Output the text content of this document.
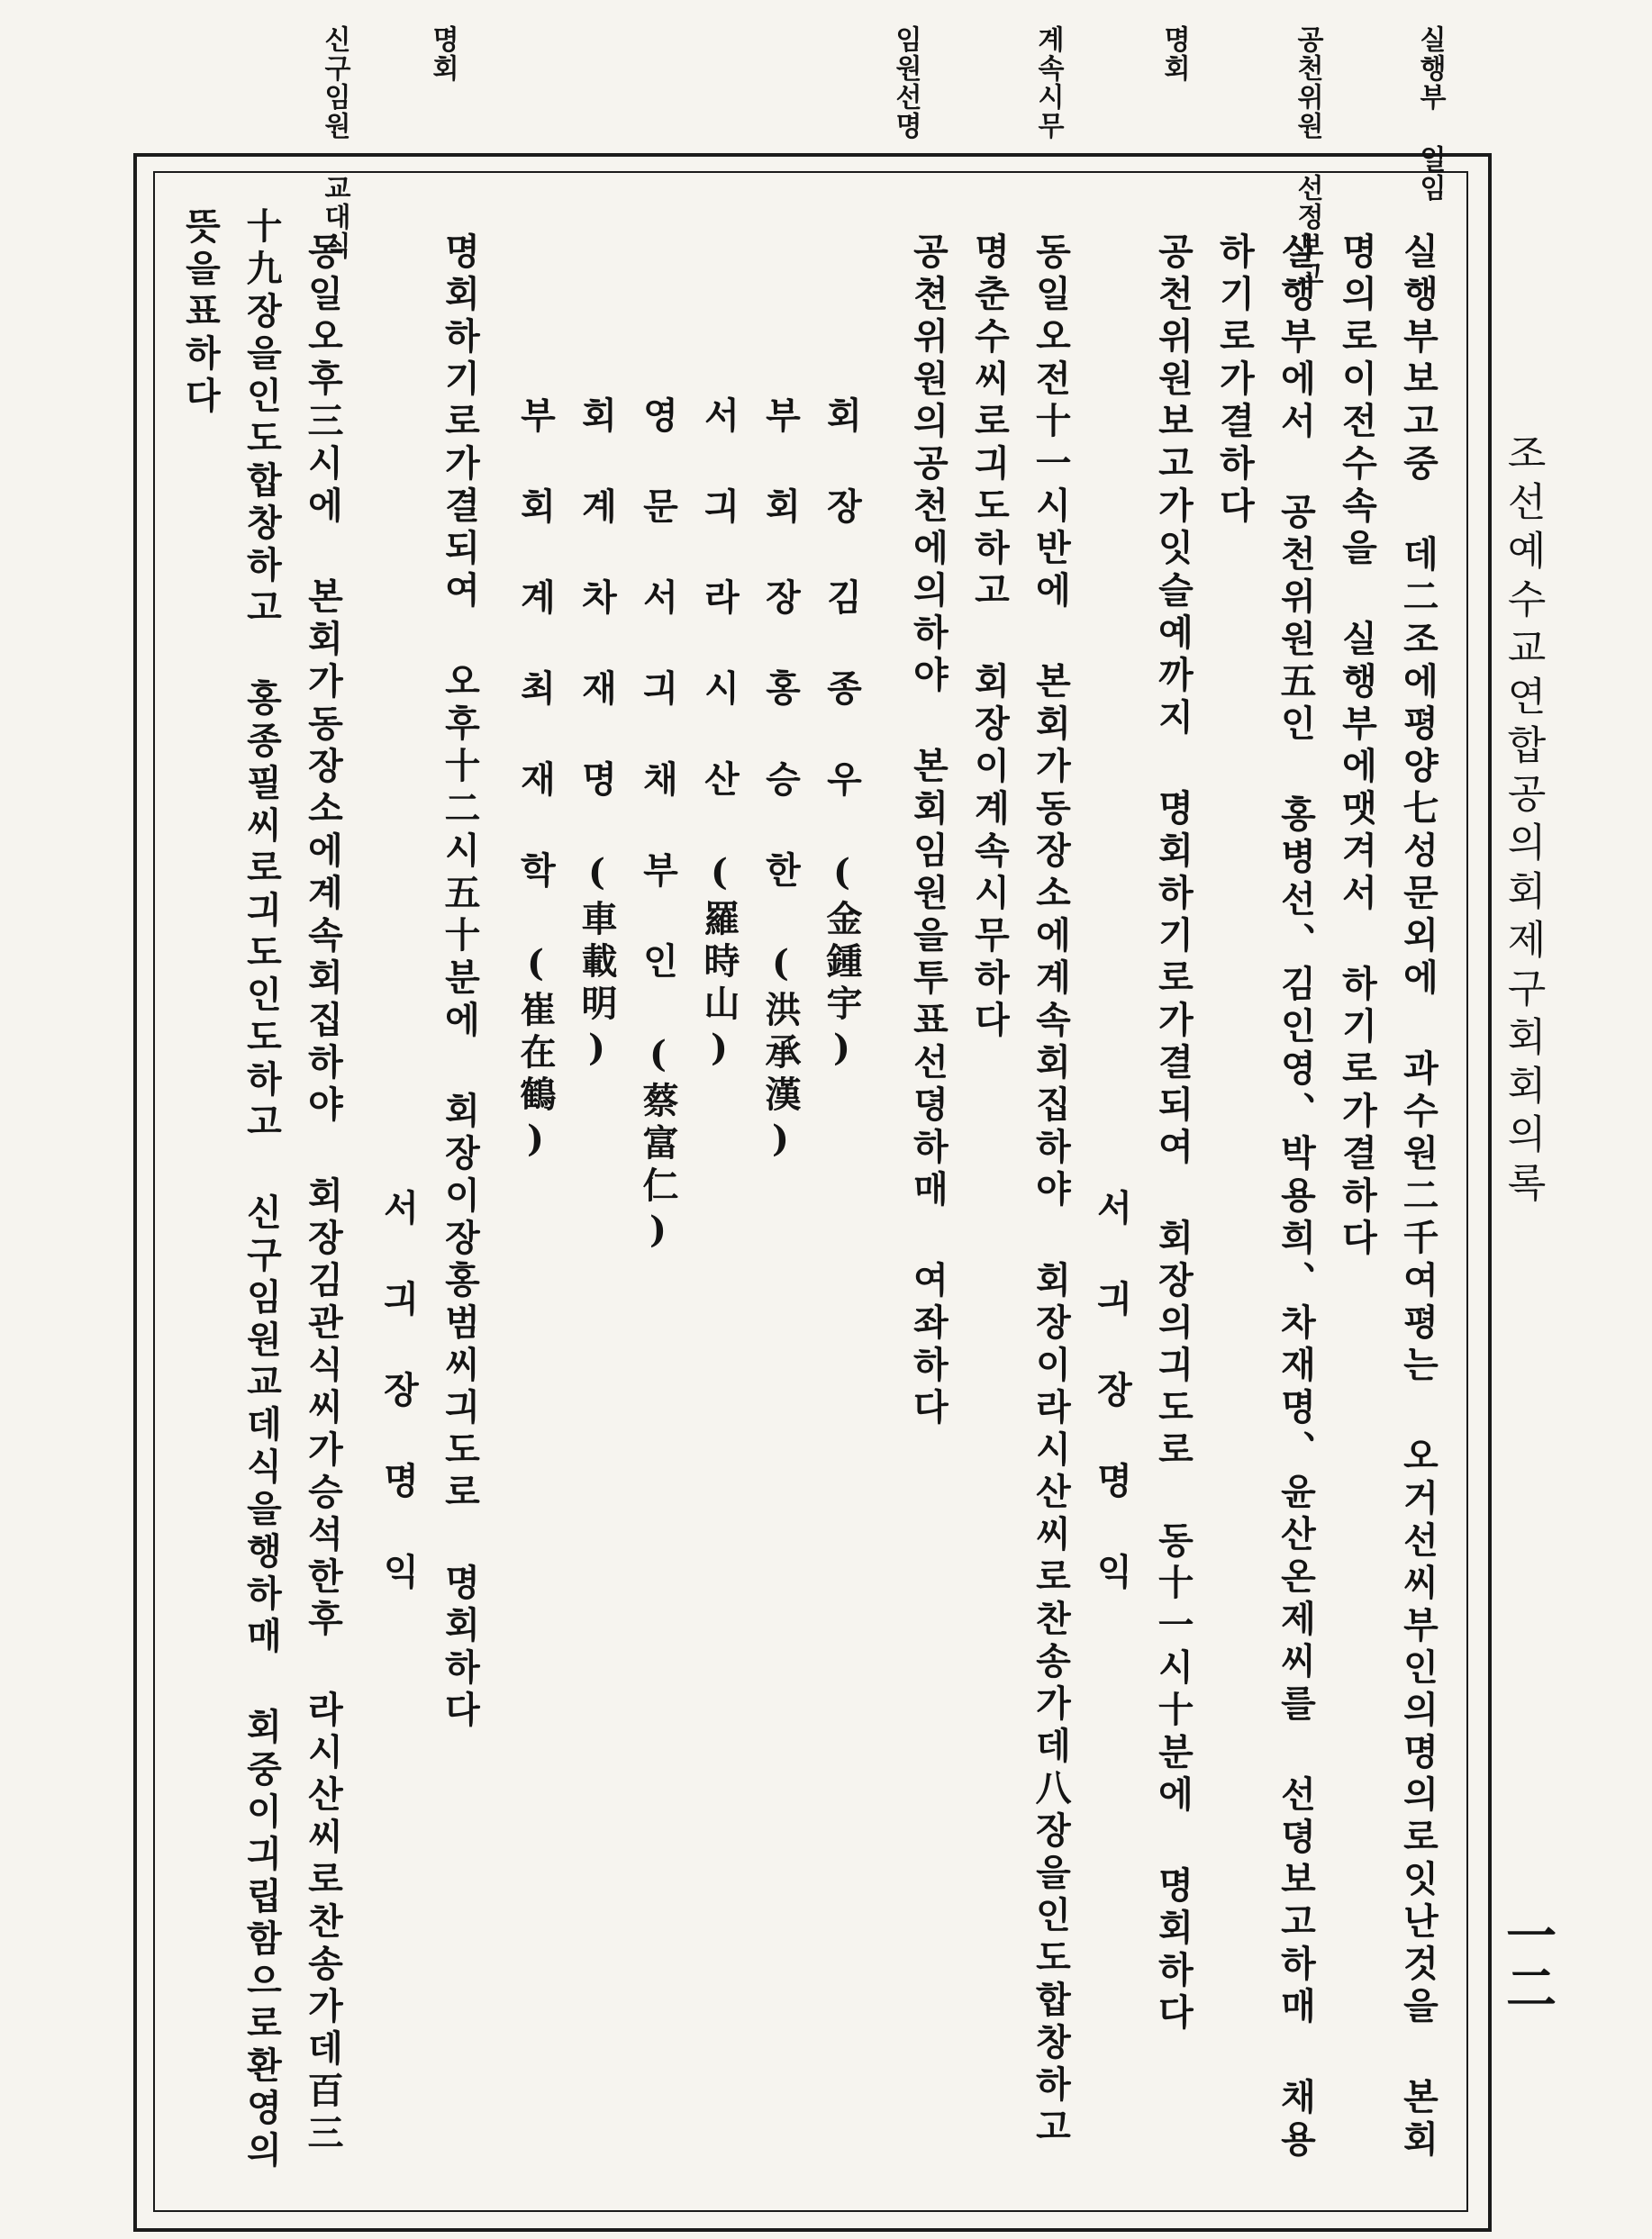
조선예수교연합공의회제구회회의록
一二
실행부 일임
공천위원 선정보고
명회
계속시무
임원선명
명회
신구임원 교대식
실행부보고중 데二조에평양七성문외에 과수원二千여평는 오거선씨부인의명의로잇난것을 본회
명의로이전수속을 실행부에맷겨서 하기로가결하다
실행부에서 공천위원五인 홍병선、김인영、박용희、차재명、윤산온제씨를 선뎡보고하매 채용
하기로가결하다
공천위원보고가잇슬예까지 명회하기로가결되여 회장의긔도로 동十一시十분에 명회하다
서 긔 장 명 익
동일오전十一시반에 본회가동장소에계속회집하야 회장이라시산씨로찬송가데八장을인도합창하고
명춘수씨로긔도하고 회장이계속시무하다
공쳔위원의공천에의하야 본회임원을투표선뎡하매 여좌하다
회 장 김 종 우 (金鍾宇)
부 회 장 홍 승 한 (洪承漢)
서 긔 라 시 산 (羅時山)
영 문 서 긔 채 부 인 (蔡富仁)
회 계 차 재 명 (車載明)
부 회 계 최 재 학 (崔在鶴)
명회하기로가결되여 오후十二시五十분에 회장이장홍범씨긔도로 명회하다
서 긔 장 명 익
동일오후三시에 본회가동장소에계속회집하야 회장김관식씨가승석한후 라시산씨로찬송가데百三
十九장을인도합창하고 홍종필씨로긔도인도하고 신구임원교데식을행하매 회중이긔립함으로환영의
뜻을표하다
